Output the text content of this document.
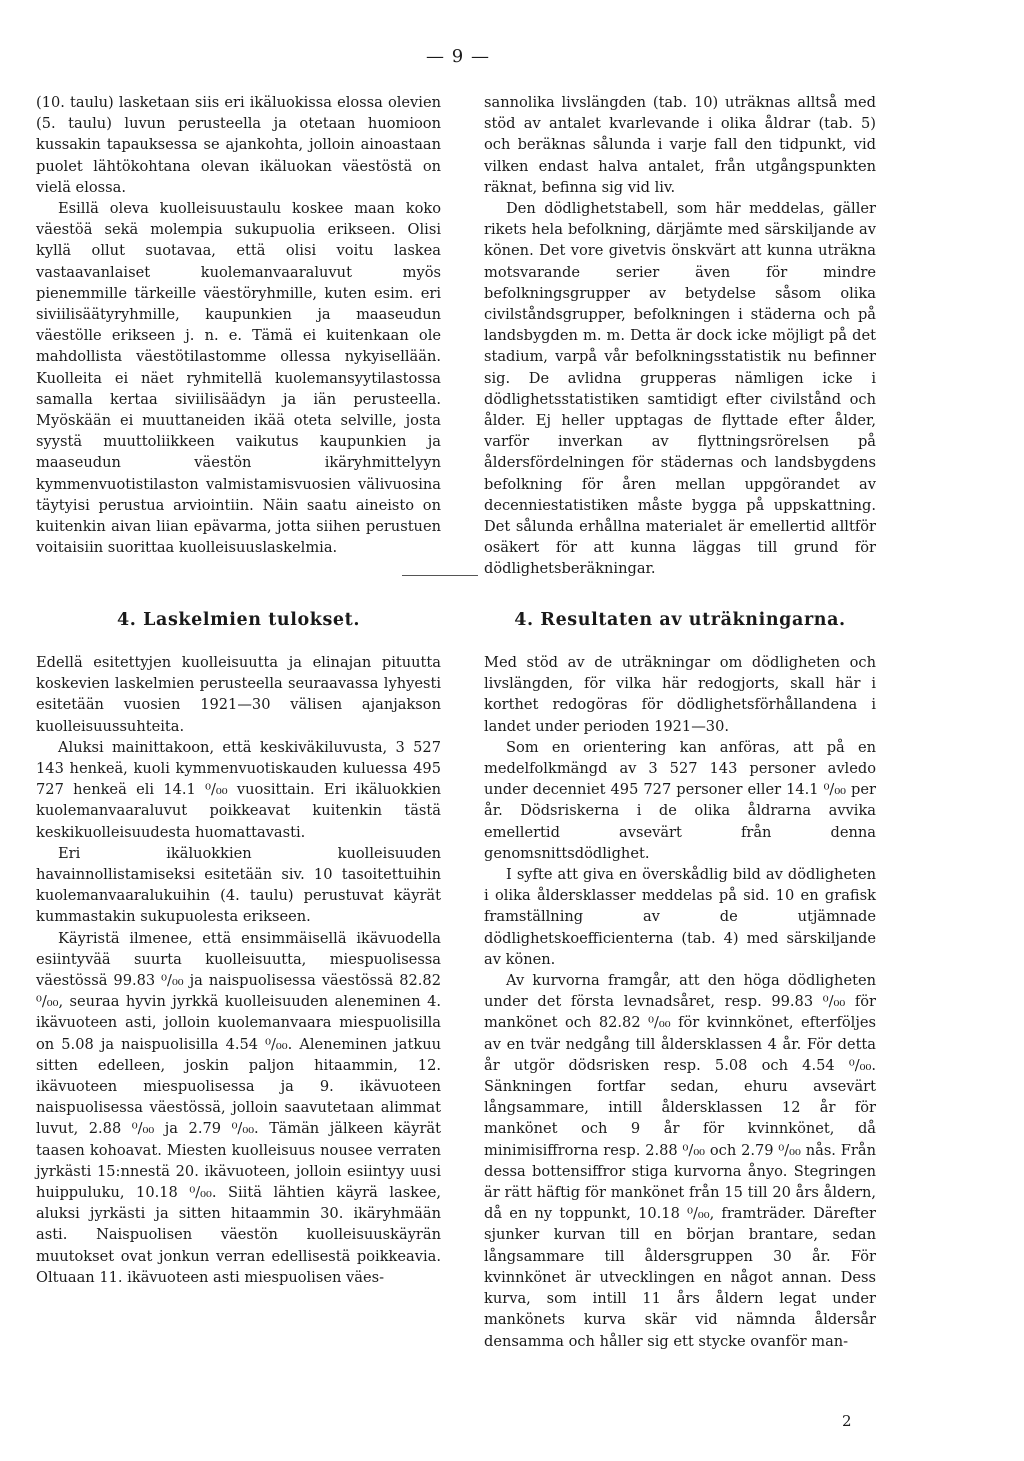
— 9 —

(10. taulu) lasketaan siis eri ikäluokissa elossa olevien (5. taulu) luvun perusteella ja otetaan huomioon kussakin tapauksessa se ajankohta, jolloin ainoastaan puolet lähtökohtana olevan ikäluokan väestöstä on vielä elossa.

Esillä oleva kuolleisuustaulu koskee maan koko väestöä sekä molempia sukupuolia erikseen. Olisi kyllä ollut suotavaa, että olisi voitu laskea vastaavanlaiset kuolemanvaaraluvut myös pienemmille tärkeille väestöryhmille, kuten esim. eri siviilisäätyryhmille, kaupunkien ja maaseudun väestölle erikseen j. n. e. Tämä ei kuitenkaan ole mahdollista väestötilastomme ollessa nykyisellään. Kuolleita ei näet ryhmitellä kuolemansyytilastossa samalla kertaa siviilisäädyn ja iän perusteella. Myöskään ei muuttaneiden ikää oteta selville, josta syystä muuttoliikkeen vaikutus kaupunkien ja maaseudun väestön ikäryhmittelyyn kymmenvuotistilaston valmistamisvuosien välivuosina täytyisi perustua arviointiin. Näin saatu aineisto on kuitenkin aivan liian epävarma, jotta siihen perustuen voitaisiin suorittaa kuolleisuuslaskelmia.

sannolika livslängden (tab. 10) uträknas alltså med stöd av antalet kvarlevande i olika åldrar (tab. 5) och beräknas sålunda i varje fall den tidpunkt, vid vilken endast halva antalet, från utgångspunkten räknat, befinna sig vid liv.

Den dödlighetstabell, som här meddelas, gäller rikets hela befolkning, därjämte med särskiljande av könen. Det vore givetvis önskvärt att kunna uträkna motsvarande serier även för mindre befolkningsgrupper av betydelse såsom olika civilståndsgrupper, befolkningen i städerna och på landsbygden m. m. Detta är dock icke möjligt på det stadium, varpå vår befolkningsstatistik nu befinner sig. De avlidna grupperas nämligen icke i dödlighetsstatistiken samtidigt efter civilstånd och ålder. Ej heller upptagas de flyttade efter ålder, varför inverkan av flyttningsrörelsen på åldersfördelningen för städernas och landsbygdens befolkning för åren mellan uppgörandet av decenniestatistiken måste bygga på uppskattning. Det sålunda erhållna materialet är emellertid alltför osäkert för att kunna läggas till grund för dödlighetsberäkningar.

4. Laskelmien tulokset.	4. Resultaten av uträkningarna.

Edellä esitettyjen kuolleisuutta ja elinajan pituutta koskevien laskelmien perusteella seuraavassa lyhyesti esitetään vuosien 1921—30 välisen ajanjakson kuolleisuussuhteita.

Aluksi mainittakoon, että keskiväkiluvusta, 3 527 143 henkeä, kuoli kymmenvuotiskauden kuluessa 495 727 henkeä eli 14.1 ⁰/₀₀ vuosittain. Eri ikäluokkien kuolemanvaaraluvut poikkeavat kuitenkin tästä keskikuolleisuudesta huomattavasti.

Eri ikäluokkien kuolleisuuden havainnollistamiseksi esitetään siv. 10 tasoitettuihin kuolemanvaaralukuihin (4. taulu) perustuvat käyrät kummastakin sukupuolesta erikseen.

Käyristä ilmenee, että ensimmäisellä ikävuodella esiintyvää suurta kuolleisuutta, miespuolisessa väestössä 99.83 ⁰/₀₀ ja naispuolisessa väestössä 82.82 ⁰/₀₀, seuraa hyvin jyrkkä kuolleisuuden aleneminen 4. ikävuoteen asti, jolloin kuolemanvaara miespuolisilla on 5.08 ja naispuolisilla 4.54 ⁰/₀₀. Aleneminen jatkuu sitten edelleen, joskin paljon hitaammin, 12. ikävuoteen miespuolisessa ja 9. ikävuoteen naispuolisessa väestössä, jolloin saavutetaan alimmat luvut, 2.88 ⁰/₀₀ ja 2.79 ⁰/₀₀. Tämän jälkeen käyrät taasen kohoavat. Miesten kuolleisuus nousee verraten jyrkästi 15:nnestä 20. ikävuoteen, jolloin esiintyy uusi huippuluku, 10.18 ⁰/₀₀. Siitä lähtien käyrä laskee, aluksi jyrkästi ja sitten hitaammin 30. ikäryhmään asti. Naispuolisen väestön kuolleisuuskäyrän muutokset ovat jonkun verran edellisestä poikkeavia. Oltuaan 11. ikävuoteen asti miespuolisen väes-

Med stöd av de uträkningar om dödligheten och livslängden, för vilka här redogjorts, skall här i korthet redogöras för dödlighetsförhållandena i landet under perioden 1921—30.

Som en orientering kan anföras, att på en medelfolkmängd av 3 527 143 personer avledo under decenniet 495 727 personer eller 14.1 ⁰/₀₀ per år. Dödsriskerna i de olika åldrarna avvika emellertid avsevärt från denna genomsnittsdödlighet.

I syfte att giva en överskådlig bild av dödligheten i olika åldersklasser meddelas på sid. 10 en grafisk framställning av de utjämnade dödlighetskoefficienterna (tab. 4) med särskiljande av könen.

Av kurvorna framgår, att den höga dödligheten under det första levnadsåret, resp. 99.83 ⁰/₀₀ för mankönet och 82.82 ⁰/₀₀ för kvinnkönet, efterföljes av en tvär nedgång till åldersklassen 4 år. För detta år utgör dödsrisken resp. 5.08 och 4.54 ⁰/₀₀. Sänkningen fortfar sedan, ehuru avsevärt långsammare, intill åldersklassen 12 år för mankönet och 9 år för kvinnkönet, då minimisiffrorna resp. 2.88 ⁰/₀₀ och 2.79 ⁰/₀₀ nås. Från dessa bottensiffror stiga kurvorna ånyo. Stegringen är rätt häftig för mankönet från 15 till 20 års åldern, då en ny toppunkt, 10.18 ⁰/₀₀, framträder. Därefter sjunker kurvan till en början brantare, sedan långsammare till åldersgruppen 30 år. För kvinnkönet är utvecklingen en något annan. Dess kurva, som intill 11 års åldern legat under mankönets kurva skär vid nämnda åldersår densamma och håller sig ett stycke ovanför man-

2
